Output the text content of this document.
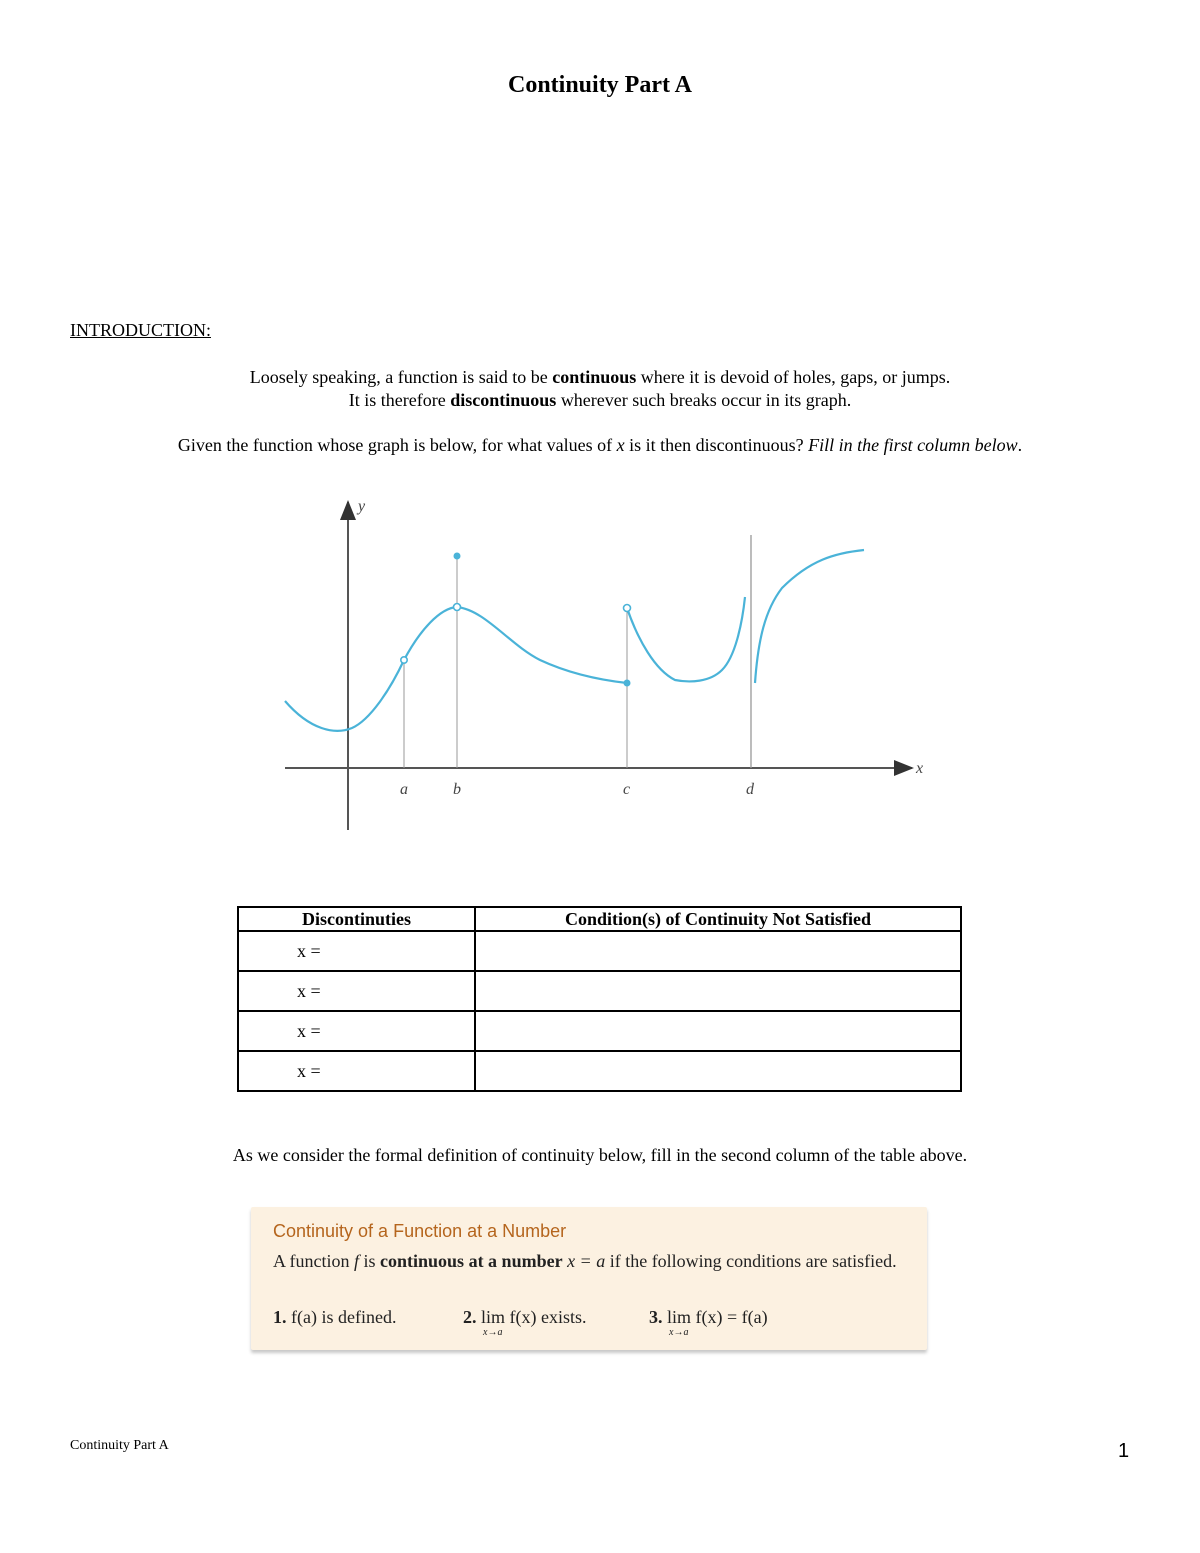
Continuity Part A
INTRODUCTION:
Loosely speaking, a function is said to be continuous where it is devoid of holes, gaps, or jumps.
It is therefore discontinuous wherever such breaks occur in its graph.
Given the function whose graph is below, for what values of x is it then discontinuous? Fill in the first column below.
y
x
a	b	c	d
Discontinuties	Condition(s) of Continuity Not Satisfied
x =	
x =	
x =	
x =	
As we consider the formal definition of continuity below, fill in the second column of the table above.
Continuity of a Function at a Number
A function f is continuous at a number x = a if the following conditions are satisfied.
1. f(a) is defined.	2. lim
x→a
f(x) exists.	3. lim
x→a
f(x) = f(a)
Continuity Part A	1
